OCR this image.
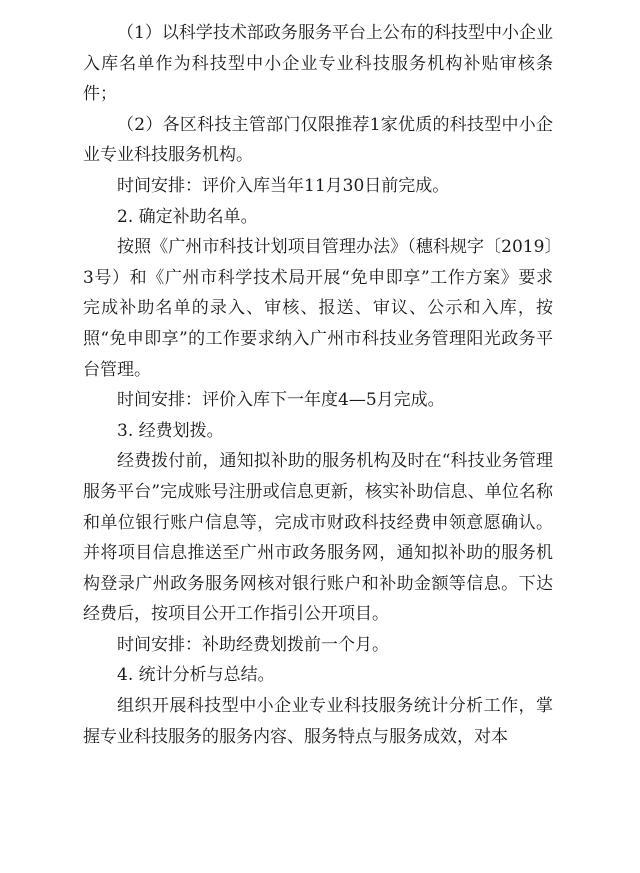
（1）以科学技术部政务服务平台上公布的科技型中小企业入库名单作为科技型中小企业专业科技服务机构补贴审核条件；

（2）各区科技主管部门仅限推荐1家优质的科技型中小企业专业科技服务机构。

时间安排：评价入库当年11月30日前完成。

2. 确定补助名单。

按照《广州市科技计划项目管理办法》（穗科规字〔2019〕3号）和《广州市科学技术局开展“免申即享”工作方案》要求完成补助名单的录入、审核、报送、审议、公示和入库，按照“免申即享”的工作要求纳入广州市科技业务管理阳光政务平台管理。

时间安排：评价入库下一年度4—5月完成。

3. 经费划拨。

经费拨付前，通知拟补助的服务机构及时在“科技业务管理服务平台”完成账号注册或信息更新，核实补助信息、单位名称和单位银行账户信息等，完成市财政科技经费申领意愿确认。并将项目信息推送至广州市政务服务网，通知拟补助的服务机构登录广州政务服务网核对银行账户和补助金额等信息。下达经费后，按项目公开工作指引公开项目。

时间安排：补助经费划拨前一个月。

4. 统计分析与总结。

组织开展科技型中小企业专业科技服务统计分析工作，掌握专业科技服务的服务内容、服务特点与服务成效，对本
